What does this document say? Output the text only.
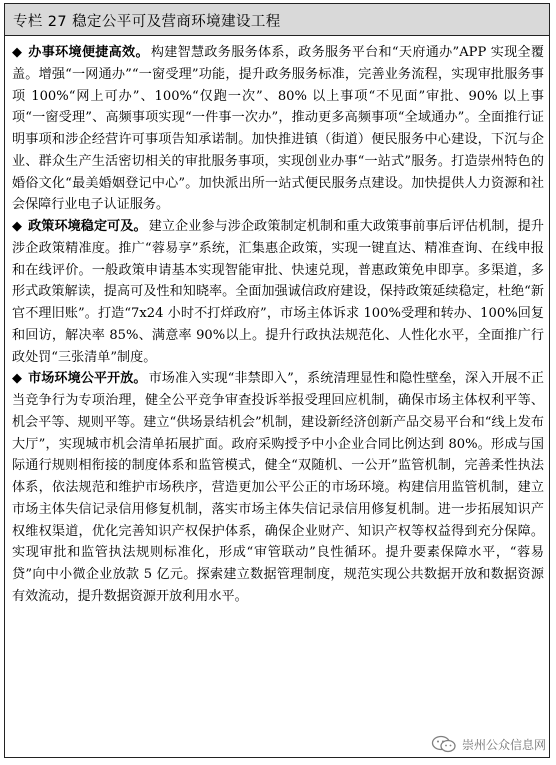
专栏 27 稳定公平可及营商环境建设工程

◆ 办事环境便捷高效。 构建智慧政务服务体系，政务服务平台和“天府通办”APP 实现全覆盖。增强“一网通办”“一窗受理”功能，提升政务服务标准，完善业务流程，实现审批服务事项 100%“网上可办”、100%“仅跑一次”、80% 以上事项“不见面”审批、90% 以上事项“一窗受理”、高频事项实现“一件事一次办”，推动更多高频事项“全域通办”。全面推行证明事项和涉企经营许可事项告知承诺制。加快推进镇（街道）便民服务中心建设，下沉与企业、群众生产生活密切相关的审批服务事项，实现创业办事“一站式”服务。打造崇州特色的婚俗文化“最美婚姻登记中心”。加快派出所一站式便民服务点建设。加快提供人力资源和社会保障行业电子认证服务。

◆ 政策环境稳定可及。 建立企业参与涉企政策制定机制和重大政策事前事后评估机制，提升涉企政策精准度。推广“蓉易享”系统，汇集惠企政策，实现一键直达、精准查询、在线申报和在线评价。一般政策申请基本实现智能审批、快速兑现，普惠政策免申即享。多渠道，多形式政策解读，提高可及性和知晓率。全面加强诚信政府建设，保持政策延续稳定，杜绝“新官不理旧账”。打造“7x24 小时不打烊政府”，市场主体诉求 100%受理和转办、100%回复和回访，解决率 85%、满意率 90%以上。提升行政执法规范化、人性化水平，全面推广行政处罚“三张清单”制度。

◆ 市场环境公平开放。 市场准入实现“非禁即入”，系统清理显性和隐性壁垒，深入开展不正当竞争行为专项治理，健全公平竞争审查投诉举报受理回应机制，确保市场主体权利平等、机会平等、规则平等。建立“供场景结机会”机制，建设新经济创新产品交易平台和“线上发布大厅”，实现城市机会清单拓展扩面。政府采购授予中小企业合同比例达到 80%。形成与国际通行规则相衔接的制度体系和监管模式，健全“双随机、一公开”监管机制，完善柔性执法体系，依法规范和维护市场秩序，营造更加公平公正的市场环境。构建信用监管机制，建立市场主体失信记录信用修复机制，落实市场主体失信记录信用修复机制。进一步拓展知识产权维权渠道，优化完善知识产权保护体系，确保企业财产、知识产权等权益得到充分保障。实现审批和监管执法规则标准化，形成“审管联动”良性循环。提升要素保障水平，“蓉易贷”向中小微企业放款 5 亿元。探索建立数据管理制度，规范实现公共数据开放和数据资源有效流动，提升数据资源开放利用水平。

崇州公众信息网
